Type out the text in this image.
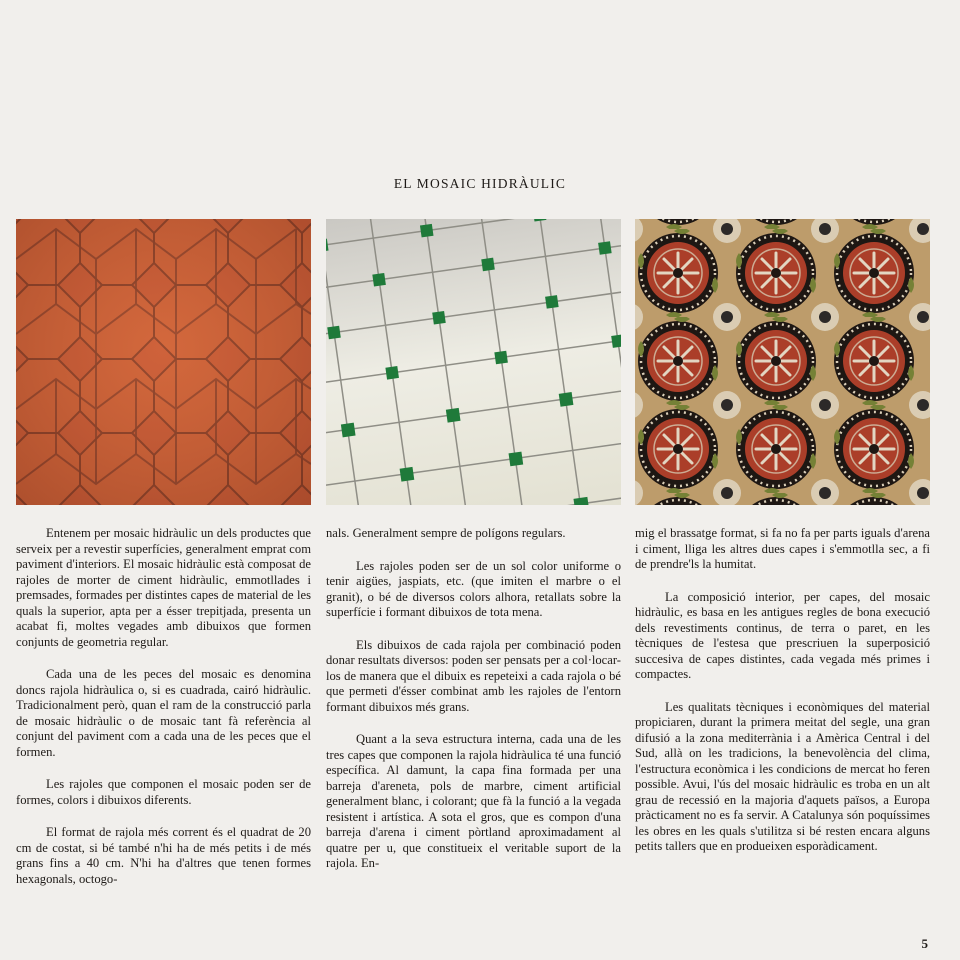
EL MOSAIC HIDRÀULIC

Entenem per mosaic hidràulic un dels productes que serveix per a revestir superfícies, generalment emprat com paviment d'interiors. El mosaic hidràulic està composat de rajoles de morter de ciment hidràulic, emmotllades i premsades, formades per distintes capes de material de les quals la superior, apta per a ésser trepitjada, presenta un acabat fi, moltes vegades amb dibuixos que formen conjunts de geometria regular.

Cada una de les peces del mosaic es denomina doncs rajola hidràulica o, si es cuadrada, cairó hidràulic. Tradicionalment però, quan el ram de la construcció parla de mosaic hidràulic o de mosaic tant fà referència al conjunt del paviment com a cada una de les peces que el formen.

Les rajoles que componen el mosaic poden ser de formes, colors i dibuixos diferents.

El format de rajola més corrent és el quadrat de 20 cm de costat, si bé també n'hi ha de més petits i de més grans fins a 40 cm. N'hi ha d'altres que tenen formes hexagonals, octogo-

nals. Generalment sempre de polígons regulars.

Les rajoles poden ser de un sol color uniforme o tenir aigües, jaspiats, etc. (que imiten el marbre o el granit), o bé de diversos colors alhora, retallats sobre la superfície i formant dibuixos de tota mena.

Els dibuixos de cada rajola per combinació poden donar resultats diversos: poden ser pensats per a col·locar-los de manera que el dibuix es repeteixi a cada rajola o bé que permeti d'ésser combinat amb les rajoles de l'entorn formant dibuixos més grans.

Quant a la seva estructura interna, cada una de les tres capes que componen la rajola hidràulica té una funció específica. Al damunt, la capa fina formada per una barreja d'areneta, pols de marbre, ciment artificial generalment blanc, i colorant; que fà la funció a la vegada resistent i artística. A sota el gros, que es compon d'una barreja d'arena i ciment pòrtland aproximadament al quatre per u, que constitueix el veritable suport de la rajola. En-

mig el brassatge format, si fa no fa per parts iguals d'arena i ciment, lliga les altres dues capes i s'emmotlla sec, a fi de prendre'ls la humitat.

La composició interior, per capes, del mosaic hidràulic, es basa en les antigues regles de bona execució dels revestiments continus, de terra o paret, en les tècniques de l'estesa que prescriuen la superposició succesiva de capes distintes, cada vegada més primes i compactes.

Les qualitats tècniques i econòmiques del material propiciaren, durant la primera meitat del segle, una gran difusió a la zona mediterrània i a Amèrica Central i del Sud, allà on les tradicions, la benevolència del clima, l'estructura econòmica i les condicions de mercat ho feren possible. Avui, l'ús del mosaic hidràulic es troba en un alt grau de recessió en la majoria d'aquets països, a Europa pràcticament no es fa servir. A Catalunya són poquíssimes les obres en les quals s'utilitza si bé resten encara alguns petits tallers que en produeixen esporàdicament.

5
